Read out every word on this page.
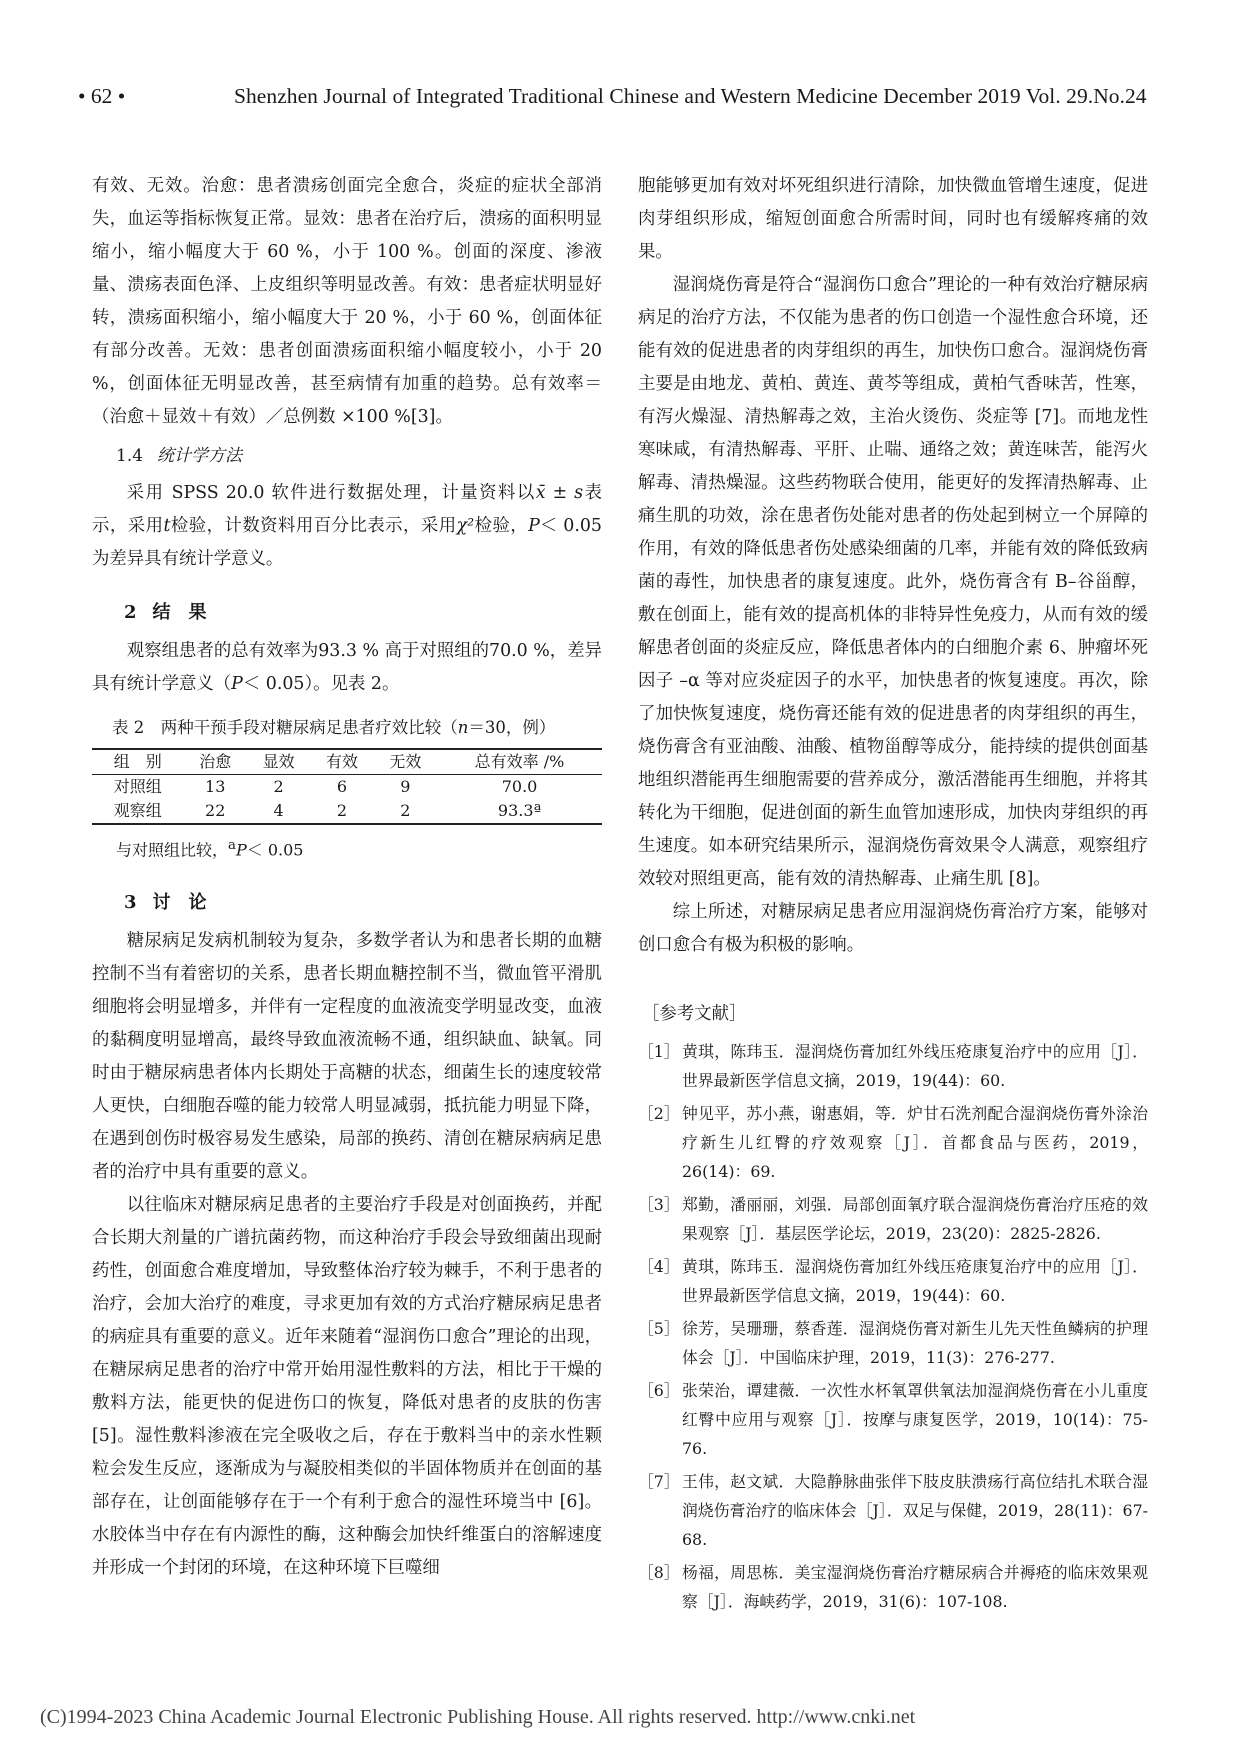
• 62 •	Shenzhen Journal of Integrated Traditional Chinese and Western Medicine December 2019 Vol. 29.No.24

有效、无效。治愈：患者溃疡创面完全愈合，炎症的症状全部消失，血运等指标恢复正常。显效：患者在治疗后，溃疡的面积明显缩小，缩小幅度大于 60 %，小于 100 %。创面的深度、渗液量、溃疡表面色泽、上皮组织等明显改善。有效：患者症状明显好转，溃疡面积缩小，缩小幅度大于 20 %，小于 60 %，创面体征有部分改善。无效：患者创面溃疡面积缩小幅度较小，小于 20 %，创面体征无明显改善，甚至病情有加重的趋势。总有效率＝（治愈＋显效＋有效）／总例数 ×100 %[3]。

1.4 统计学方法

采用 SPSS 20.0 软件进行数据处理，计量资料以x̄ ± s表示，采用t检验，计数资料用百分比表示，采用χ²检验，P＜ 0.05 为差异具有统计学意义。

2 结　果

观察组患者的总有效率为93.3 % 高于对照组的70.0 %，差异具有统计学意义（P＜ 0.05）。见表 2。

表 2　两种干预手段对糖尿病足患者疗效比较（n＝30，例）
组　别	治愈	显效	有效	无效	总有效率 /%
对照组	13	2	6	9	70.0
观察组	22	4	2	2	93.3ª
与对照组比较，$^a$P＜ 0.05
3 讨　论

糖尿病足发病机制较为复杂，多数学者认为和患者长期的血糖控制不当有着密切的关系，患者长期血糖控制不当，微血管平滑肌细胞将会明显增多，并伴有一定程度的血液流变学明显改变，血液的黏稠度明显增高，最终导致血液流畅不通，组织缺血、缺氧。同时由于糖尿病患者体内长期处于高糖的状态，细菌生长的速度较常人更快，白细胞吞噬的能力较常人明显减弱，抵抗能力明显下降，在遇到创伤时极容易发生感染，局部的换药、清创在糖尿病病足患者的治疗中具有重要的意义。

以往临床对糖尿病足患者的主要治疗手段是对创面换药，并配合长期大剂量的广谱抗菌药物，而这种治疗手段会导致细菌出现耐药性，创面愈合难度增加，导致整体治疗较为棘手，不利于患者的治疗，会加大治疗的难度，寻求更加有效的方式治疗糖尿病足患者的病症具有重要的意义。近年来随着“湿润伤口愈合”理论的出现，在糖尿病足患者的治疗中常开始用湿性敷料的方法，相比于干燥的敷料方法，能更快的促进伤口的恢复，降低对患者的皮肤的伤害 [5]。湿性敷料渗液在完全吸收之后，存在于敷料当中的亲水性颗粒会发生反应，逐渐成为与凝胶相类似的半固体物质并在创面的基部存在，让创面能够存在于一个有利于愈合的湿性环境当中 [6]。水胶体当中存在有内源性的酶，这种酶会加快纤维蛋白的溶解速度并形成一个封闭的环境，在这种环境下巨噬细

胞能够更加有效对坏死组织进行清除，加快微血管增生速度，促进肉芽组织形成，缩短创面愈合所需时间，同时也有缓解疼痛的效果。

湿润烧伤膏是符合“湿润伤口愈合”理论的一种有效治疗糖尿病病足的治疗方法，不仅能为患者的伤口创造一个湿性愈合环境，还能有效的促进患者的肉芽组织的再生，加快伤口愈合。湿润烧伤膏主要是由地龙、黄柏、黄连、黄芩等组成，黄柏气香味苦，性寒，有泻火燥湿、清热解毒之效，主治火烫伤、炎症等 [7]。而地龙性寒味咸，有清热解毒、平肝、止喘、通络之效；黄连味苦，能泻火解毒、清热燥湿。这些药物联合使用，能更好的发挥清热解毒、止痛生肌的功效，涂在患者伤处能对患者的伤处起到树立一个屏障的作用，有效的降低患者伤处感染细菌的几率，并能有效的降低致病菌的毒性，加快患者的康复速度。此外，烧伤膏含有 B–谷甾醇，敷在创面上，能有效的提高机体的非特异性免疫力，从而有效的缓解患者创面的炎症反应，降低患者体内的白细胞介素 6、肿瘤坏死因子 –α 等对应炎症因子的水平，加快患者的恢复速度。再次，除了加快恢复速度，烧伤膏还能有效的促进患者的肉芽组织的再生，烧伤膏含有亚油酸、油酸、植物甾醇等成分，能持续的提供创面基地组织潜能再生细胞需要的营养成分，激活潜能再生细胞，并将其转化为干细胞，促进创面的新生血管加速形成，加快肉芽组织的再生速度。如本研究结果所示，湿润烧伤膏效果令人满意，观察组疗效较对照组更高，能有效的清热解毒、止痛生肌 [8]。

综上所述，对糖尿病足患者应用湿润烧伤膏治疗方案，能够对创口愈合有极为积极的影响。

［参考文献］
［1］ 黄琪，陈玮玉．湿润烧伤膏加红外线压疮康复治疗中的应用［J］．世界最新医学信息文摘，2019，19(44)：60.
［2］ 钟见平，苏小燕，谢惠娟，等．炉甘石洗剂配合湿润烧伤膏外涂治疗新生儿红臀的疗效观察［J］．首都食品与医药，2019，26(14)：69.
［3］ 郑勤，潘丽丽，刘强．局部创面氧疗联合湿润烧伤膏治疗压疮的效果观察［J］．基层医学论坛，2019，23(20)：2825-2826.
［4］ 黄琪，陈玮玉．湿润烧伤膏加红外线压疮康复治疗中的应用［J］．世界最新医学信息文摘，2019，19(44)：60.
［5］ 徐芳，吴珊珊，蔡香莲．湿润烧伤膏对新生儿先天性鱼鳞病的护理体会［J］．中国临床护理，2019，11(3)：276-277.
［6］ 张荣治，谭建薇．一次性水杯氧罩供氧法加湿润烧伤膏在小儿重度红臀中应用与观察［J］．按摩与康复医学，2019，10(14)：75-76.
［7］ 王伟，赵文斌．大隐静脉曲张伴下肢皮肤溃疡行高位结扎术联合湿润烧伤膏治疗的临床体会［J］．双足与保健，2019，28(11)：67-68.
［8］ 杨福，周思栋．美宝湿润烧伤膏治疗糖尿病合并褥疮的临床效果观察［J］．海峡药学，2019，31(6)：107-108.
(C)1994-2023 China Academic Journal Electronic Publishing House. All rights reserved. http://www.cnki.net
